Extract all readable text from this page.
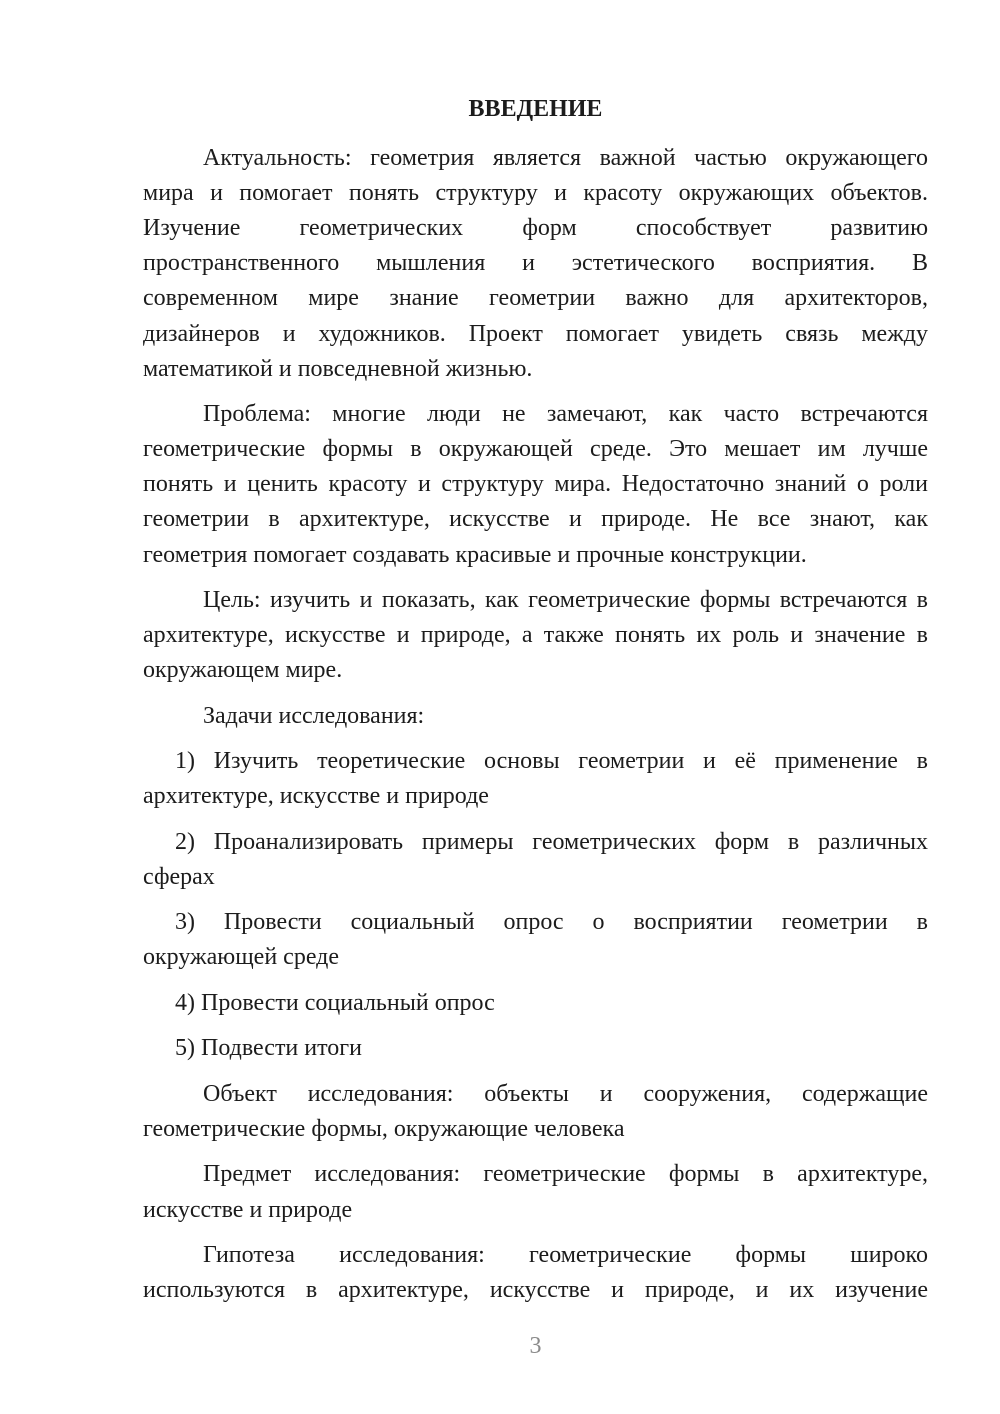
ВВЕДЕНИЕ
Актуальность: геометрия является важной частью окружающего
мира и помогает понять структуру и красоту окружающих объектов.
Изучение геометрических форм способствует развитию
пространственного мышления и эстетического восприятия. В
современном мире знание геометрии важно для архитекторов,
дизайнеров и художников. Проект помогает увидеть связь между
математикой и повседневной жизнью.
Проблема: многие люди не замечают, как часто встречаются
геометрические формы в окружающей среде. Это мешает им лучше
понять и ценить красоту и структуру мира. Недостаточно знаний о роли
геометрии в архитектуре, искусстве и природе. Не все знают, как
геометрия помогает создавать красивые и прочные конструкции.
Цель: изучить и показать, как геометрические формы встречаются в
архитектуре, искусстве и природе, а также понять их роль и значение в
окружающем мире.
Задачи исследования:
1) Изучить теоретические основы геометрии и её применение в
архитектуре, искусстве и природе
2) Проанализировать примеры геометрических форм в различных
сферах
3) Провести социальный опрос о восприятии геометрии в
окружающей среде
4) Провести социальный опрос
5) Подвести итоги
Объект исследования: объекты и сооружения, содержащие
геометрические формы, окружающие человека
Предмет исследования: геометрические формы в архитектуре,
искусстве и природе
Гипотеза исследования: геометрические формы широко
используются в архитектуре, искусстве и природе, и их изучение
3
